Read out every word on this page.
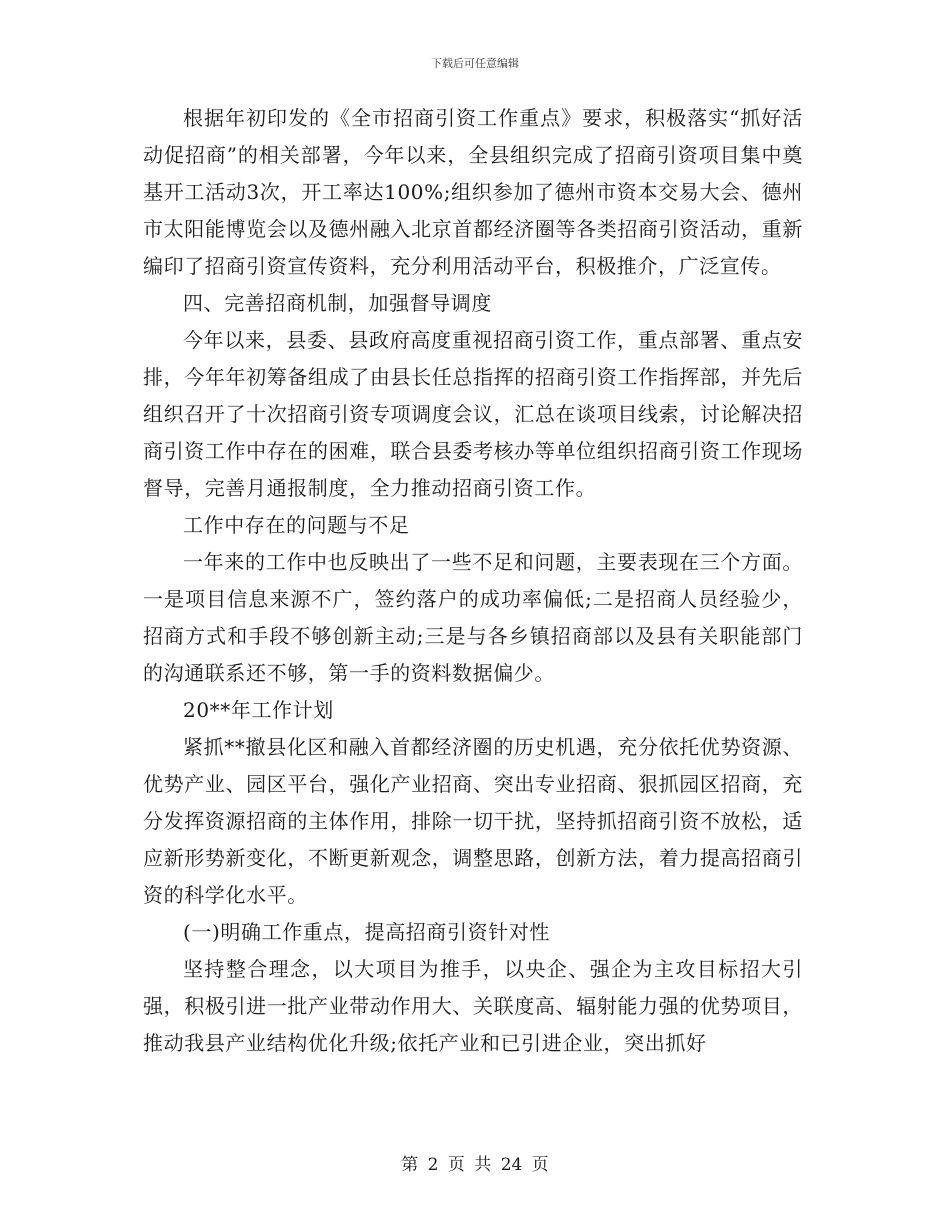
下载后可任意编辑

根据年初印发的《全市招商引资工作重点》要求，积极落实“抓好活动促招商”的相关部署，今年以来，全县组织完成了招商引资项目集中奠基开工活动3次，开工率达100%;组织参加了德州市资本交易大会、德州市太阳能博览会以及德州融入北京首都经济圈等各类招商引资活动，重新编印了招商引资宣传资料，充分利用活动平台，积极推介，广泛宣传。

四、完善招商机制，加强督导调度

今年以来，县委、县政府高度重视招商引资工作，重点部署、重点安排，今年年初筹备组成了由县长任总指挥的招商引资工作指挥部，并先后组织召开了十次招商引资专项调度会议，汇总在谈项目线索，讨论解决招商引资工作中存在的困难，联合县委考核办等单位组织招商引资工作现场督导，完善月通报制度，全力推动招商引资工作。

工作中存在的问题与不足

一年来的工作中也反映出了一些不足和问题，主要表现在三个方面。一是项目信息来源不广，签约落户的成功率偏低;二是招商人员经验少，招商方式和手段不够创新主动;三是与各乡镇招商部以及县有关职能部门的沟通联系还不够，第一手的资料数据偏少。

20**年工作计划

紧抓**撤县化区和融入首都经济圈的历史机遇，充分依托优势资源、优势产业、园区平台，强化产业招商、突出专业招商、狠抓园区招商，充分发挥资源招商的主体作用，排除一切干扰，坚持抓招商引资不放松，适应新形势新变化，不断更新观念，调整思路，创新方法，着力提高招商引资的科学化水平。

(一)明确工作重点，提高招商引资针对性

坚持整合理念，以大项目为推手，以央企、强企为主攻目标招大引强，积极引进一批产业带动作用大、关联度高、辐射能力强的优势项目，推动我县产业结构优化升级;依托产业和已引进企业，突出抓好

第 2 页 共 24 页
